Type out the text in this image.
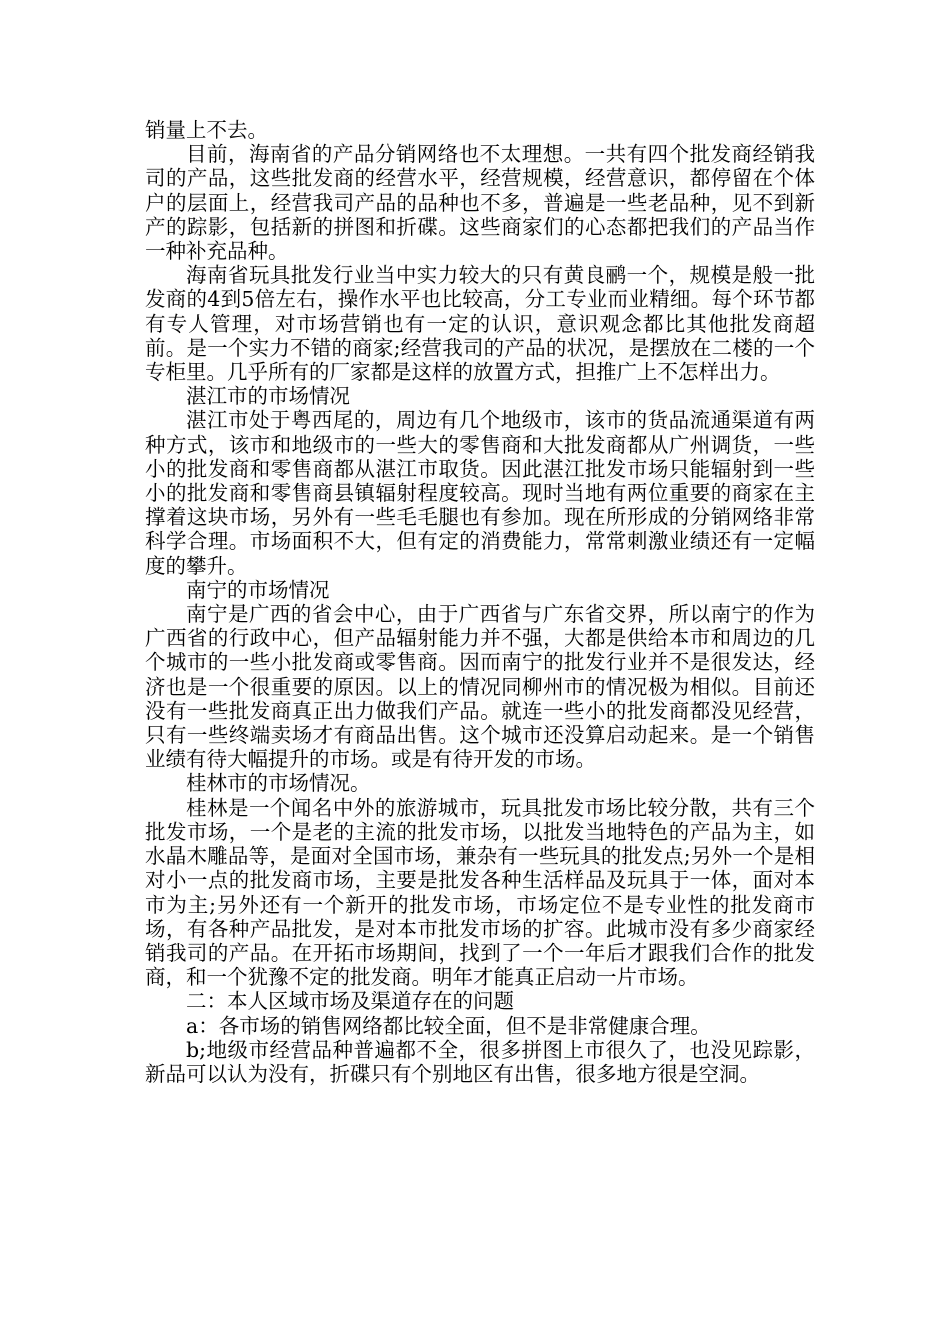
销量上不去。

目前，海南省的产品分销网络也不太理想。一共有四个批发商经销我司的产品，这些批发商的经营水平，经营规模，经营意识，都停留在个体户的层面上，经营我司产品的品种也不多，普遍是一些老品种，见不到新产的踪影，包括新的拼图和折碟。这些商家们的心态都把我们的产品当作一种补充品种。

海南省玩具批发行业当中实力较大的只有黄良鹂一个，规模是般一批发商的4到5倍左右，操作水平也比较高，分工专业而业精细。每个环节都有专人管理，对市场营销也有一定的认识，意识观念都比其他批发商超前。是一个实力不错的商家;经营我司的产品的状况，是摆放在二楼的一个专柜里。几乎所有的厂家都是这样的放置方式，担推广上不怎样出力。

湛江市的市场情况

湛江市处于粤西尾的，周边有几个地级市，该市的货品流通渠道有两种方式，该市和地级市的一些大的零售商和大批发商都从广州调货，一些小的批发商和零售商都从湛江市取货。因此湛江批发市场只能辐射到一些小的批发商和零售商县镇辐射程度较高。现时当地有两位重要的商家在主撑着这块市场，另外有一些毛毛腿也有参加。现在所形成的分销网络非常科学合理。市场面积不大，但有定的消费能力，常常刺激业绩还有一定幅度的攀升。

南宁的市场情况

南宁是广西的省会中心，由于广西省与广东省交界，所以南宁的作为广西省的行政中心，但产品辐射能力并不强，大都是供给本市和周边的几个城市的一些小批发商或零售商。因而南宁的批发行业并不是很发达，经济也是一个很重要的原因。以上的情况同柳州市的情况极为相似。目前还没有一些批发商真正出力做我们产品。就连一些小的批发商都没见经营，只有一些终端卖场才有商品出售。这个城市还没算启动起来。是一个销售业绩有待大幅提升的市场。或是有待开发的市场。

桂林市的市场情况。

桂林是一个闻名中外的旅游城市，玩具批发市场比较分散，共有三个批发市场，一个是老的主流的批发市场，以批发当地特色的产品为主，如水晶木雕品等，是面对全国市场，兼杂有一些玩具的批发点;另外一个是相对小一点的批发商市场，主要是批发各种生活样品及玩具于一体，面对本市为主;另外还有一个新开的批发市场，市场定位不是专业性的批发商市场，有各种产品批发，是对本市批发市场的扩容。此城市没有多少商家经销我司的产品。在开拓市场期间，找到了一个一年后才跟我们合作的批发商，和一个犹豫不定的批发商。明年才能真正启动一片市场。

二：本人区域市场及渠道存在的问题

a：各市场的销售网络都比较全面，但不是非常健康合理。

b;地级市经营品种普遍都不全，很多拼图上市很久了，也没见踪影，新品可以认为没有，折碟只有个别地区有出售，很多地方很是空洞。
